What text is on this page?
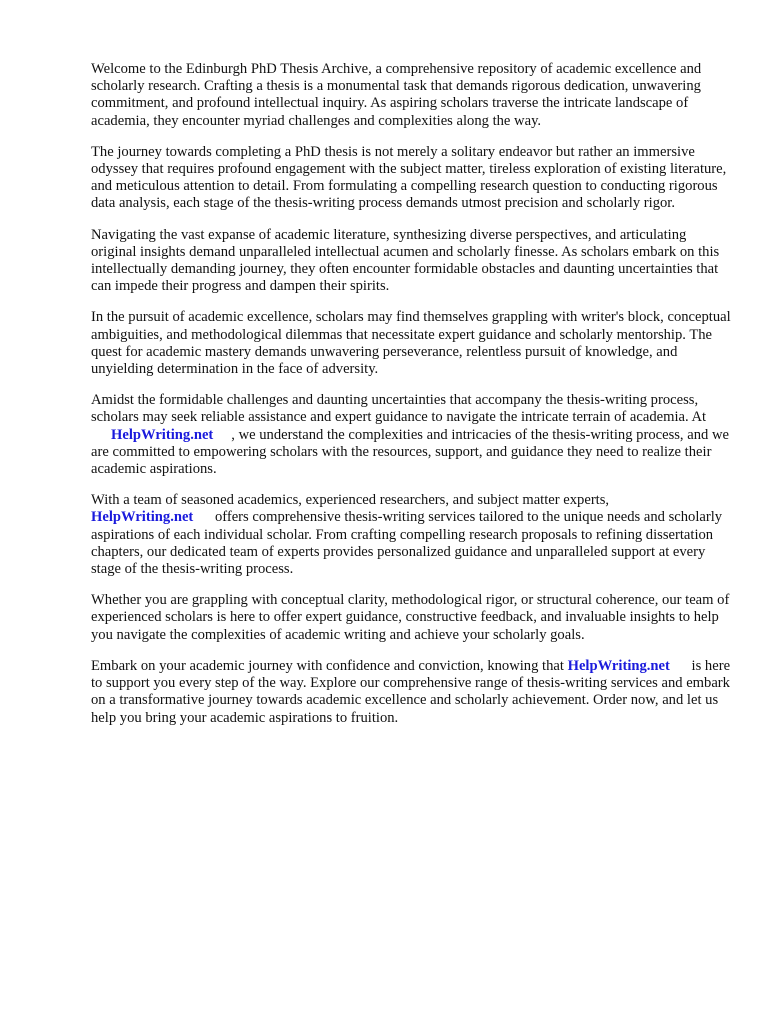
Welcome to the Edinburgh PhD Thesis Archive, a comprehensive repository of academic excellence and scholarly research. Crafting a thesis is a monumental task that demands rigorous dedication, unwavering commitment, and profound intellectual inquiry. As aspiring scholars traverse the intricate landscape of academia, they encounter myriad challenges and complexities along the way.

The journey towards completing a PhD thesis is not merely a solitary endeavor but rather an immersive odyssey that requires profound engagement with the subject matter, tireless exploration of existing literature, and meticulous attention to detail. From formulating a compelling research question to conducting rigorous data analysis, each stage of the thesis-writing process demands utmost precision and scholarly rigor.

Navigating the vast expanse of academic literature, synthesizing diverse perspectives, and articulating original insights demand unparalleled intellectual acumen and scholarly finesse. As scholars embark on this intellectually demanding journey, they often encounter formidable obstacles and daunting uncertainties that can impede their progress and dampen their spirits.

In the pursuit of academic excellence, scholars may find themselves grappling with writer's block, conceptual ambiguities, and methodological dilemmas that necessitate expert guidance and scholarly mentorship. The quest for academic mastery demands unwavering perseverance, relentless pursuit of knowledge, and unyielding determination in the face of adversity.

Amidst the formidable challenges and daunting uncertainties that accompany the thesis-writing process, scholars may seek reliable assistance and expert guidance to navigate the intricate terrain of academia. At HelpWriting.net , we understand the complexities and intricacies of the thesis-writing process, and we are committed to empowering scholars with the resources, support, and guidance they need to realize their academic aspirations.

With a team of seasoned academics, experienced researchers, and subject matter experts, HelpWriting.net offers comprehensive thesis-writing services tailored to the unique needs and scholarly aspirations of each individual scholar. From crafting compelling research proposals to refining dissertation chapters, our dedicated team of experts provides personalized guidance and unparalleled support at every stage of the thesis-writing process.

Whether you are grappling with conceptual clarity, methodological rigor, or structural coherence, our team of experienced scholars is here to offer expert guidance, constructive feedback, and invaluable insights to help you navigate the complexities of academic writing and achieve your scholarly goals.

Embark on your academic journey with confidence and conviction, knowing that HelpWriting.net is here to support you every step of the way. Explore our comprehensive range of thesis-writing services and embark on a transformative journey towards academic excellence and scholarly achievement. Order now, and let us help you bring your academic aspirations to fruition.
